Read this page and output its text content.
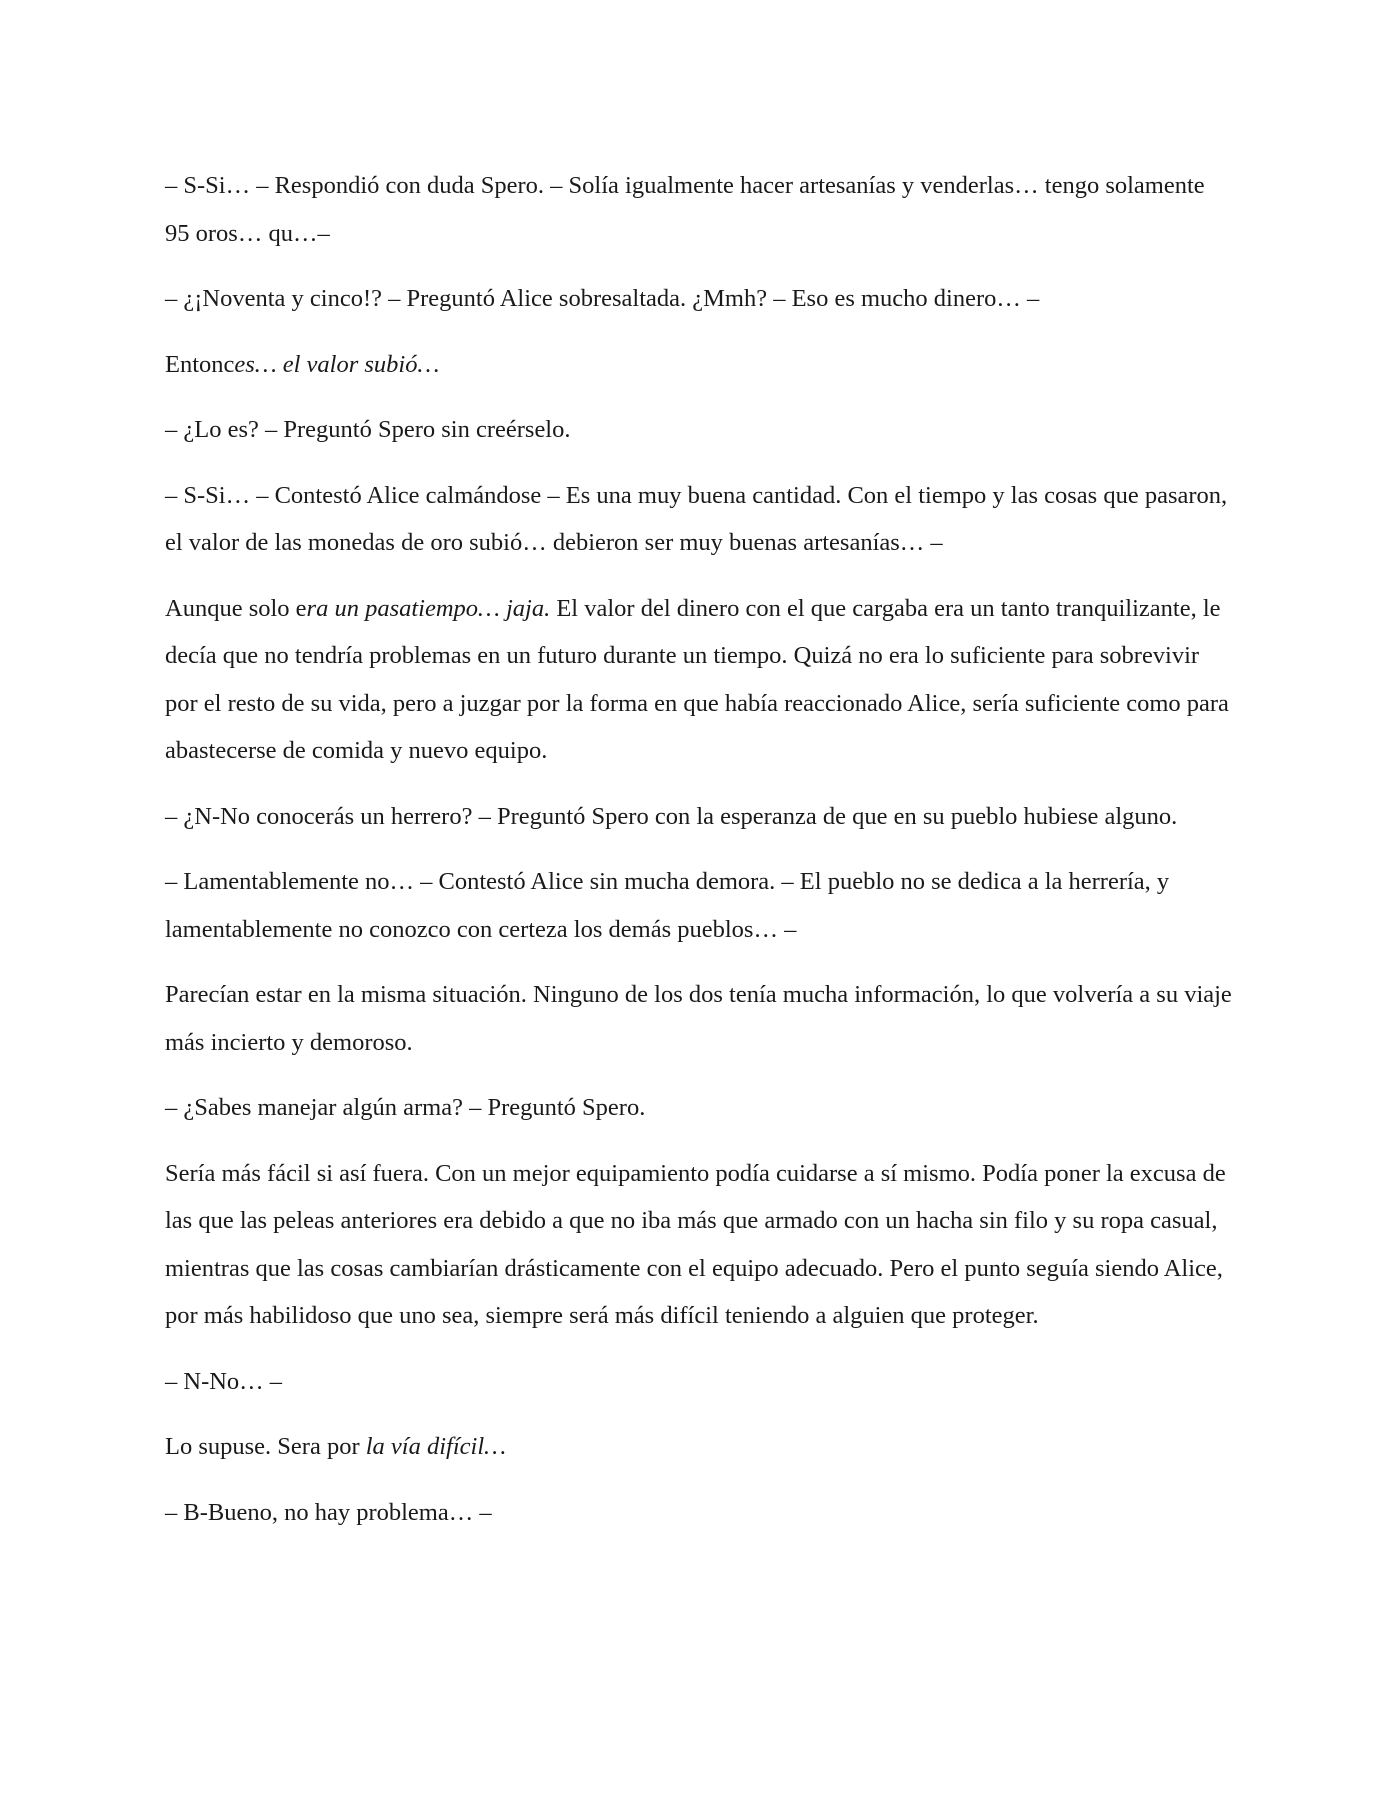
– S-Si… – Respondió con duda Spero. – Solía igualmente hacer artesanías y venderlas… tengo solamente 95 oros… qu…–

– ¿¡Noventa y cinco!? – Preguntó Alice sobresaltada. ¿Mmh? – Eso es mucho dinero… –

Entonces… el valor subió…

– ¿Lo es? – Preguntó Spero sin creérselo.

– S-Si… – Contestó Alice calmándose – Es una muy buena cantidad. Con el tiempo y las cosas que pasaron, el valor de las monedas de oro subió… debieron ser muy buenas artesanías… –

Aunque solo era un pasatiempo… jaja. El valor del dinero con el que cargaba era un tanto tranquilizante, le decía que no tendría problemas en un futuro durante un tiempo. Quizá no era lo suficiente para sobrevivir por el resto de su vida, pero a juzgar por la forma en que había reaccionado Alice, sería suficiente como para abastecerse de comida y nuevo equipo.

– ¿N-No conocerás un herrero? – Preguntó Spero con la esperanza de que en su pueblo hubiese alguno.

– Lamentablemente no… – Contestó Alice sin mucha demora. – El pueblo no se dedica a la herrería, y lamentablemente no conozco con certeza los demás pueblos… –

Parecían estar en la misma situación. Ninguno de los dos tenía mucha información, lo que volvería a su viaje más incierto y demoroso.

– ¿Sabes manejar algún arma? – Preguntó Spero.

Sería más fácil si así fuera. Con un mejor equipamiento podía cuidarse a sí mismo. Podía poner la excusa de las que las peleas anteriores era debido a que no iba más que armado con un hacha sin filo y su ropa casual, mientras que las cosas cambiarían drásticamente con el equipo adecuado. Pero el punto seguía siendo Alice, por más habilidoso que uno sea, siempre será más difícil teniendo a alguien que proteger.

– N-No… –

Lo supuse. Sera por la vía difícil…

– B-Bueno, no hay problema… –
